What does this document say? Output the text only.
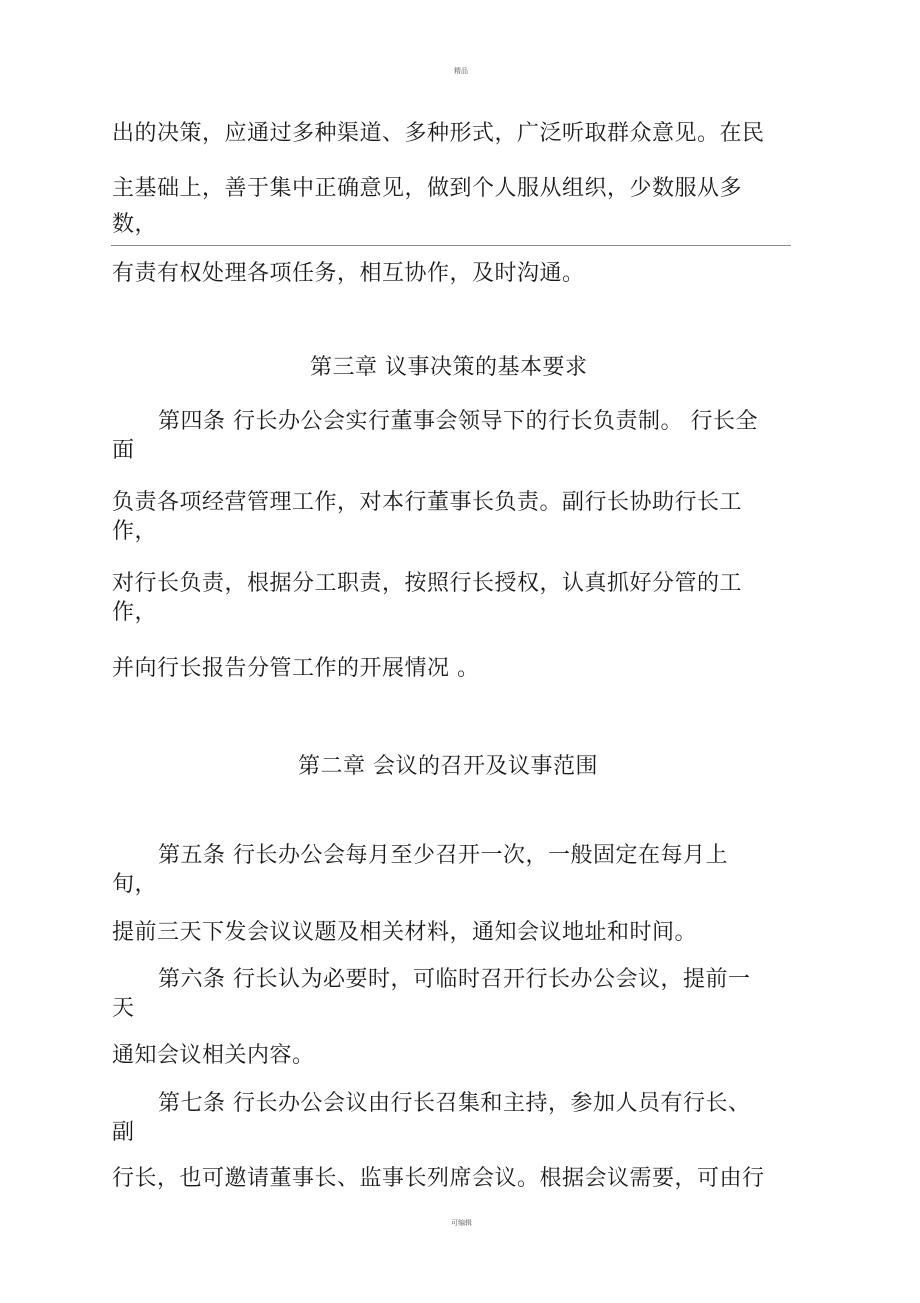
精品
出的决策，应通过多种渠道、多种形式，广泛听取群众意见。在民
主基础上，善于集中正确意见，做到个人服从组织，少数服从多
数，
有责有权处理各项任务，相互协作，及时沟通。
第三章 议事决策的基本要求
第四条 行长办公会实行董事会领导下的行长负责制。 行长全
面
负责各项经营管理工作，对本行董事长负责。副行长协助行长工
作，
对行长负责，根据分工职责，按照行长授权，认真抓好分管的工
作，
并向行长报告分管工作的开展情况 。
第二章 会议的召开及议事范围
第五条 行长办公会每月至少召开一次，一般固定在每月上
旬，
提前三天下发会议议题及相关材料，通知会议地址和时间。
第六条 行长认为必要时，可临时召开行长办公会议，提前一
天
通知会议相关内容。
第七条 行长办公会议由行长召集和主持，参加人员有行长、
副
行长，也可邀请董事长、监事长列席会议。根据会议需要，可由行
可编辑
